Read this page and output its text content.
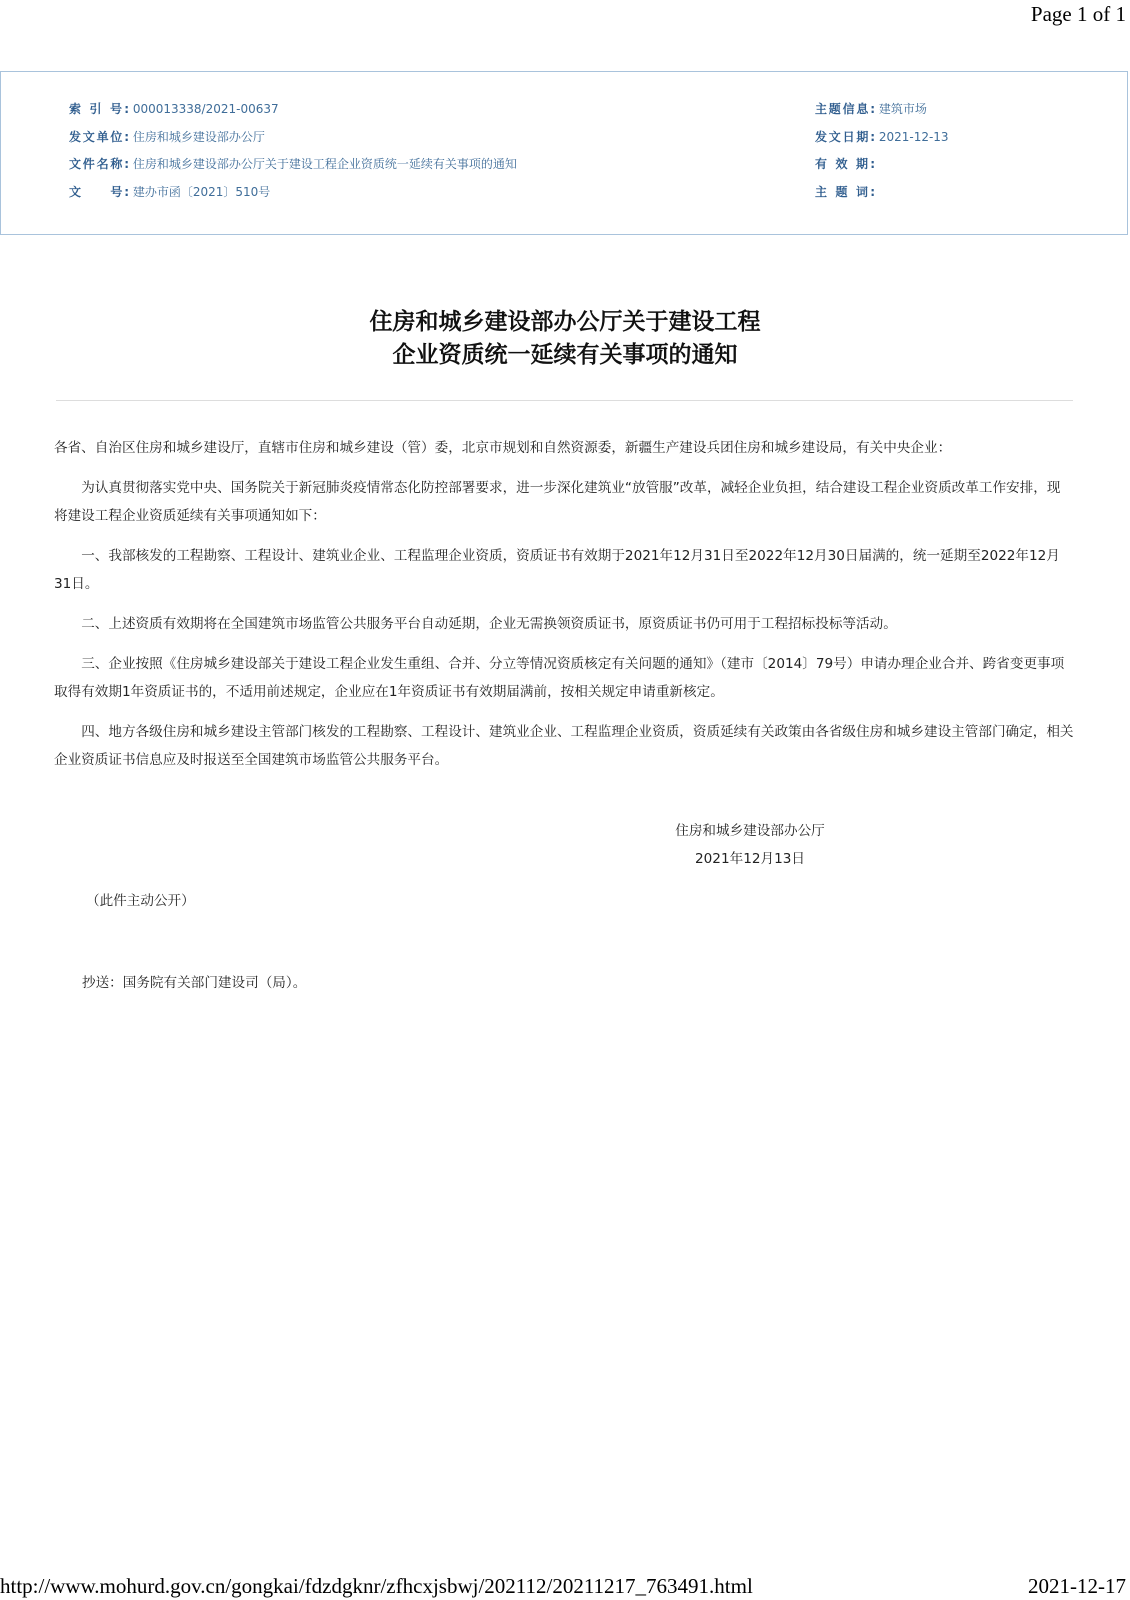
Page 1 of 1
索 引 号: 000013338/2021-00637
发文单位: 住房和城乡建设部办公厅
文件名称: 住房和城乡建设部办公厅关于建设工程企业资质统一延续有关事项的通知
文　　号: 建办市函〔2021〕510号
主题信息: 建筑市场
发文日期: 2021-12-13
有 效 期:
主 题 词:
住房和城乡建设部办公厅关于建设工程
企业资质统一延续有关事项的通知

各省、自治区住房和城乡建设厅，直辖市住房和城乡建设（管）委，北京市规划和自然资源委，新疆生产建设兵团住房和城乡建设局，有关中央企业：

为认真贯彻落实党中央、国务院关于新冠肺炎疫情常态化防控部署要求，进一步深化建筑业“放管服”改革，减轻企业负担，结合建设工程企业资质改革工作安排，现将建设工程企业资质延续有关事项通知如下：

一、我部核发的工程勘察、工程设计、建筑业企业、工程监理企业资质，资质证书有效期于2021年12月31日至2022年12月30日届满的，统一延期至2022年12月31日。

二、上述资质有效期将在全国建筑市场监管公共服务平台自动延期，企业无需换领资质证书，原资质证书仍可用于工程招标投标等活动。

三、企业按照《住房城乡建设部关于建设工程企业发生重组、合并、分立等情况资质核定有关问题的通知》（建市〔2014〕79号）申请办理企业合并、跨省变更事项取得有效期1年资质证书的，不适用前述规定，企业应在1年资质证书有效期届满前，按相关规定申请重新核定。

四、地方各级住房和城乡建设主管部门核发的工程勘察、工程设计、建筑业企业、工程监理企业资质，资质延续有关政策由各省级住房和城乡建设主管部门确定，相关企业资质证书信息应及时报送至全国建筑市场监管公共服务平台。

住房和城乡建设部办公厅
2021年12月13日
（此件主动公开）
抄送：国务院有关部门建设司（局）。
http://www.mohurd.gov.cn/gongkai/fdzdgknr/zfhcxjsbwj/202112/20211217_763491.html	2021-12-17
